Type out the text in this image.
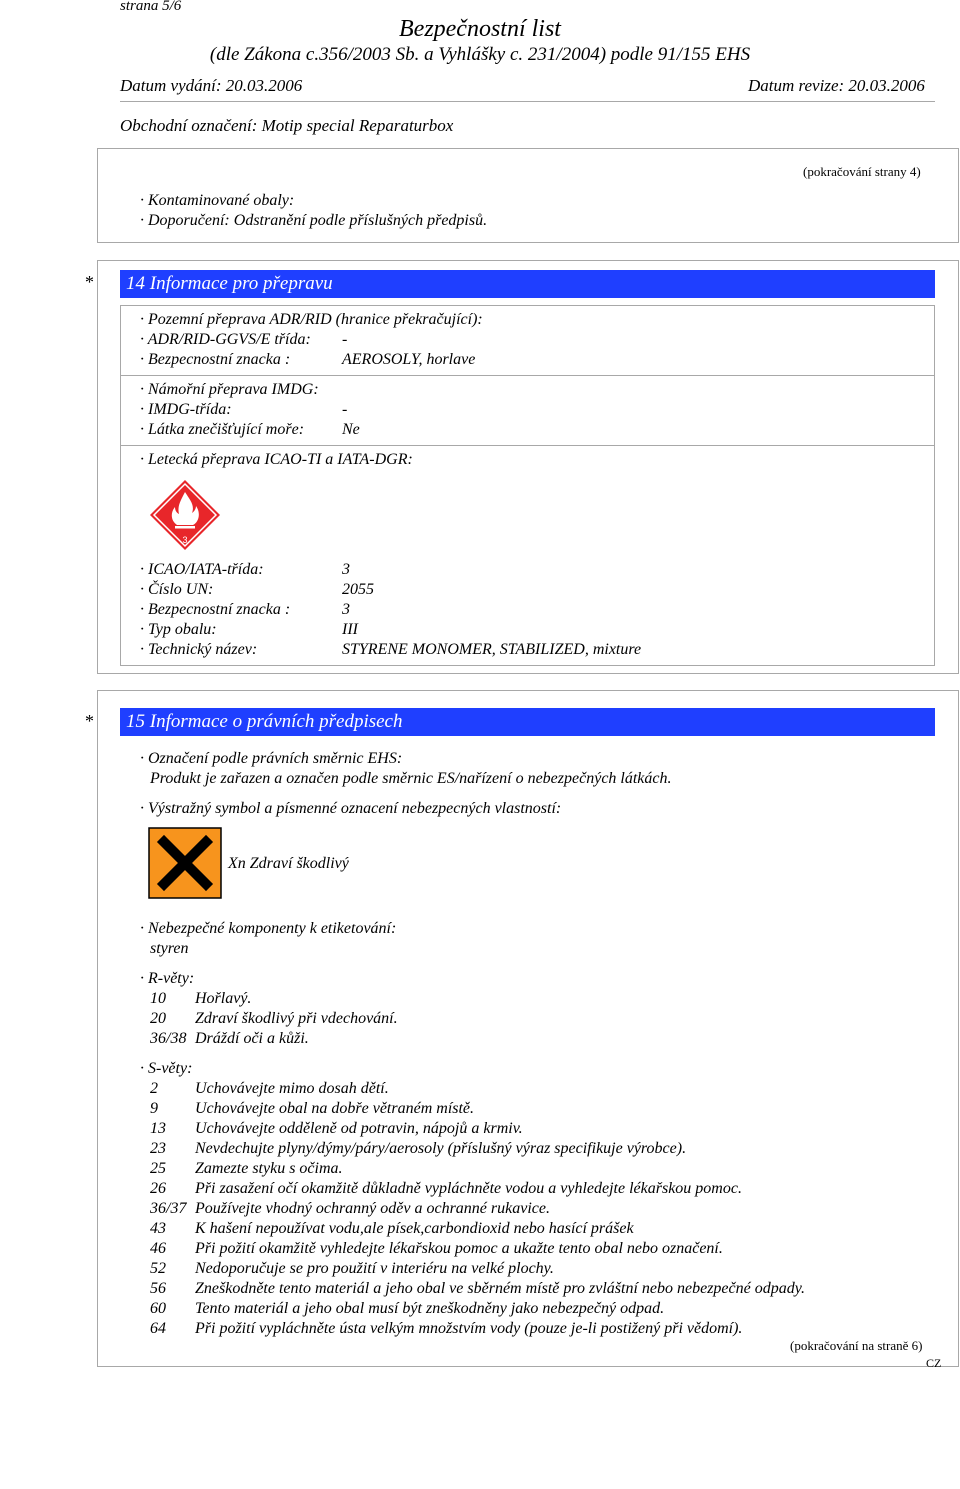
strana 5/6
Bezpečnostní list
(dle Zákona c.356/2003 Sb. a Vyhlášky c. 231/2004) podle 91/155 EHS
Datum vydání: 20.03.2006	Datum revize: 20.03.2006
Obchodní označení: Motip special Reparaturbox
(pokračování strany 4)
· Kontaminované obaly:
· Doporučení: Odstranění podle příslušných předpisů.
*	14 Informace pro přepravu
· Pozemní přeprava ADR/RID (hranice překračující):
· ADR/RID-GGVS/E třída: -
· Bezpecnostní znacka :	AEROSOLY, horlave
· Námořní přeprava IMDG:
· IMDG-třída:	-
· Látka znečišťující moře: Ne
· Letecká přeprava ICAO-TI a IATA-DGR:
3
· ICAO/IATA-třída:	3
· Číslo UN:	2055
· Bezpecnostní znacka :	3
· Typ obalu:	III
· Technický název:	STYRENE MONOMER, STABILIZED, mixture
*	15 Informace o právních předpisech
· Označení podle právních směrnic EHS:
Produkt je zařazen a označen podle směrnic ES/nařízení o nebezpečných látkách.
· Výstražný symbol a písmenné oznacení nebezpecných vlastností:
Xn Zdraví škodlivý
· Nebezpečné komponenty k etiketování:
styren
· R-věty:
10 Hořlavý.
20 Zdraví škodlivý při vdechování.
36/38 Dráždí oči a kůži.
· S-věty:
2 Uchovávejte mimo dosah dětí.
9 Uchovávejte obal na dobře větraném místě.
13 Uchovávejte odděleně od potravin, nápojů a krmiv.
23 Nevdechujte plyny/dýmy/páry/aerosoly (příslušný výraz specifikuje výrobce).
25 Zamezte styku s očima.
26 Při zasažení očí okamžitě důkladně vypláchněte vodou a vyhledejte lékařskou pomoc.
36/37 Používejte vhodný ochranný oděv a ochranné rukavice.
43 K hašení nepoužívat vodu,ale písek,carbondioxid nebo hasící prášek
46 Při požití okamžitě vyhledejte lékařskou pomoc a ukažte tento obal nebo označení.
52 Nedoporučuje se pro použití v interiéru na velké plochy.
56 Zneškodněte tento materiál a jeho obal ve sběrném místě pro zvláštní nebo nebezpečné odpady.
60 Tento materiál a jeho obal musí být zneškodněny jako nebezpečný odpad.
64 Při požití vypláchněte ústa velkým množstvím vody (pouze je-li postižený při vědomí).
(pokračování na straně 6)
CZ
